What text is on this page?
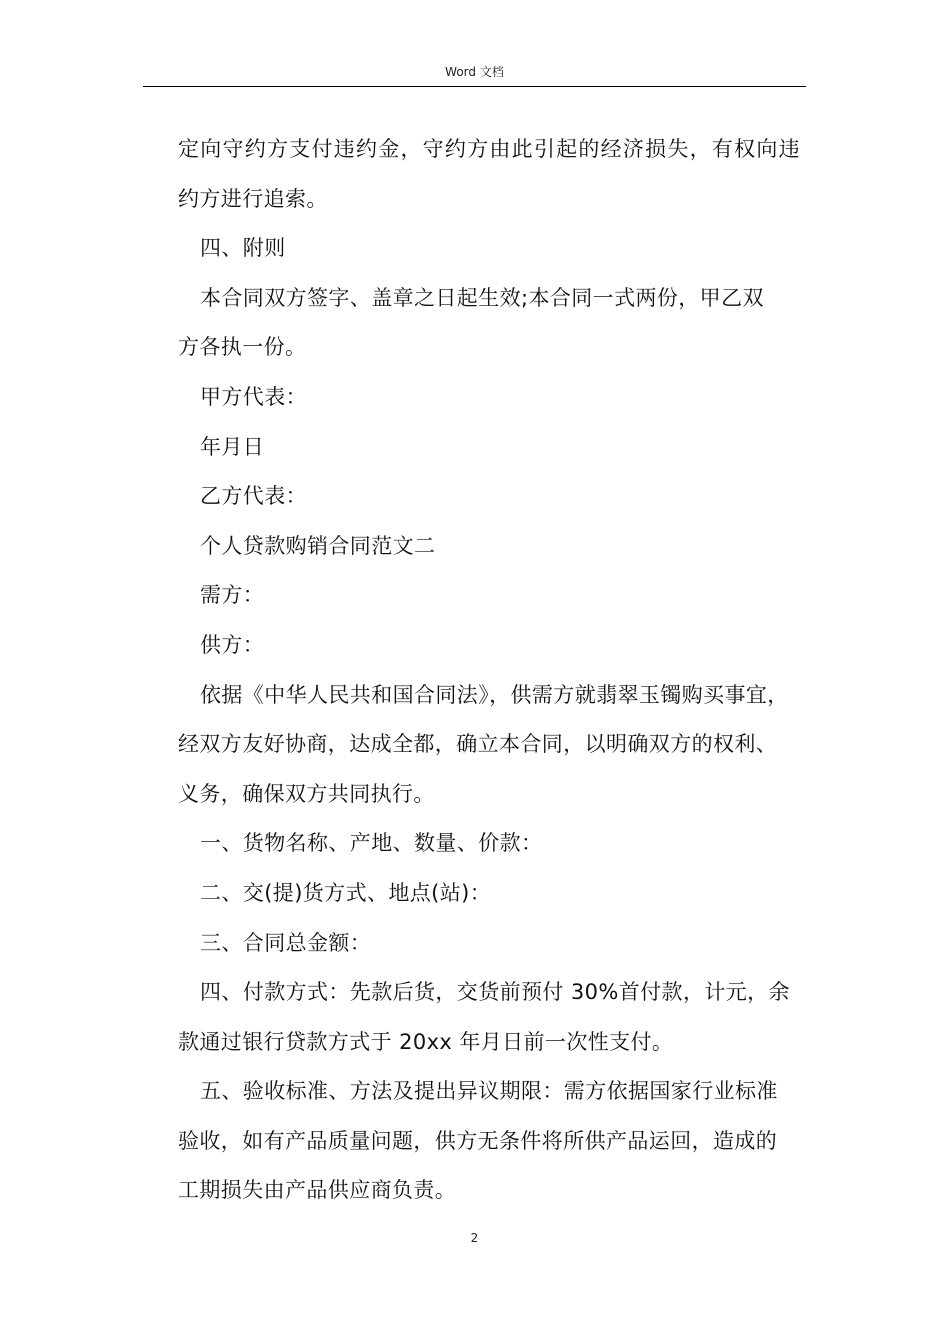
Word 文档
定向守约方支付违约金，守约方由此引起的经济损失，有权向违
约方进行追索。
四、附则
本合同双方签字、盖章之日起生效;本合同一式两份，甲乙双
方各执一份。
甲方代表：
年月日
乙方代表：
个人贷款购销合同范文二
需方：
供方：
依据《中华人民共和国合同法》，供需方就翡翠玉镯购买事宜，
经双方友好协商，达成全都，确立本合同，以明确双方的权利、
义务，确保双方共同执行。
一、货物名称、产地、数量、价款：
二、交(提)货方式、地点(站)：
三、合同总金额：
四、付款方式：先款后货，交货前预付 30%首付款，计元，余
款通过银行贷款方式于 20xx 年月日前一次性支付。
五、验收标准、方法及提出异议期限：需方依据国家行业标准
验收，如有产品质量问题，供方无条件将所供产品运回，造成的
工期损失由产品供应商负责。
2
